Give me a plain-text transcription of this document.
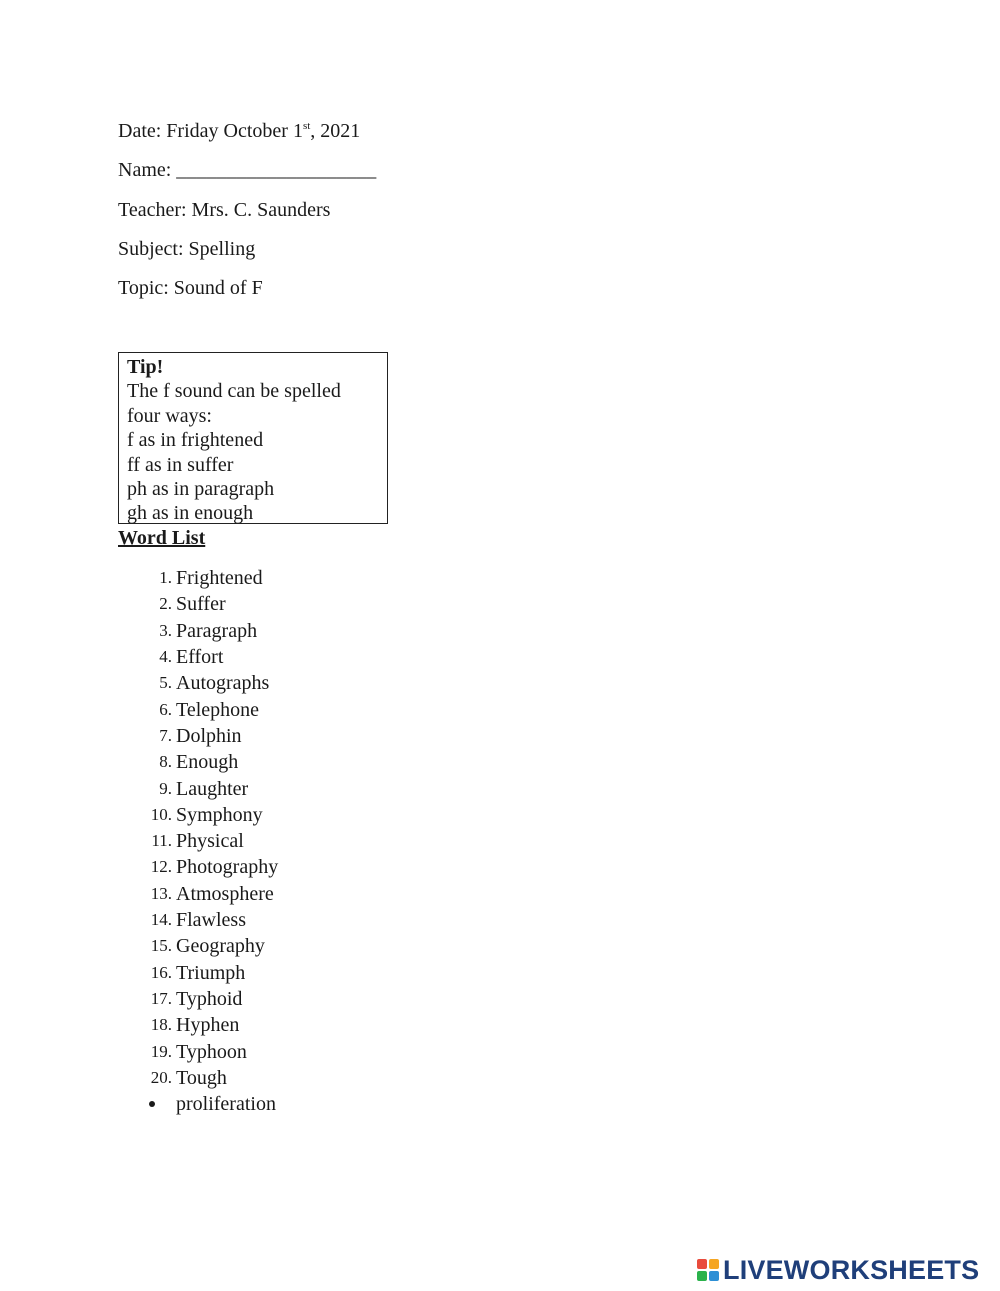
Date: Friday October 1st, 2021
Name: ____________________
Teacher: Mrs. C. Saunders
Subject: Spelling
Topic: Sound of F
Tip!
The f sound can be spelled
four ways:
f as in frightened
ff as in suffer
ph as in paragraph
gh as in enough
Word List
1. Frightened
2. Suffer
3. Paragraph
4. Effort
5. Autographs
6. Telephone
7. Dolphin
8. Enough
9. Laughter
10. Symphony
11. Physical
12. Photography
13. Atmosphere
14. Flawless
15. Geography
16. Triumph
17. Typhoid
18. Hyphen
19. Typhoon
20. Tough
proliferation
LIVEWORKSHEETS
